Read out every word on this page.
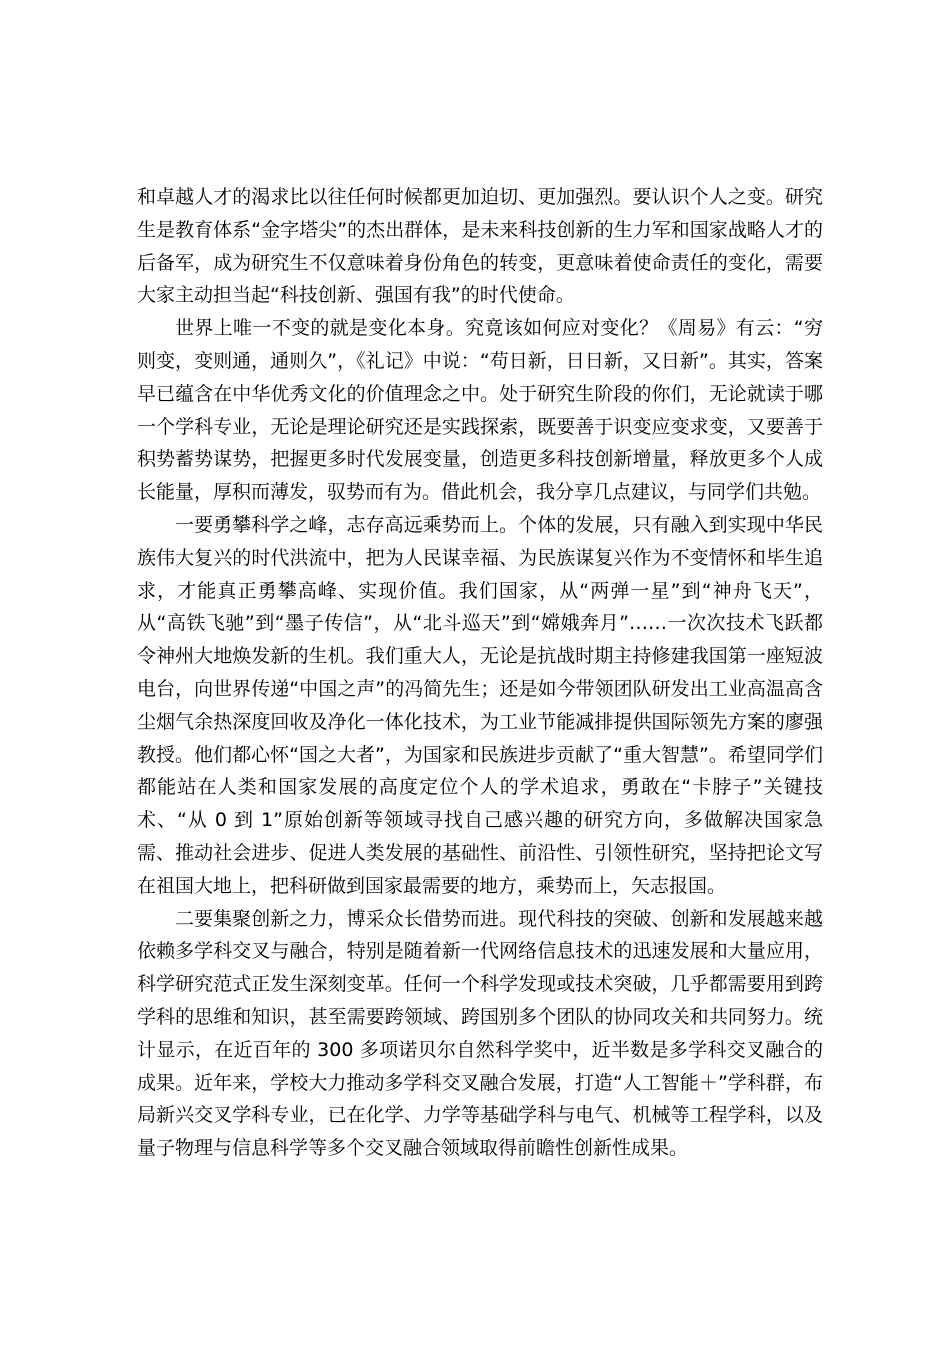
和卓越人才的渴求比以往任何时候都更加迫切、更加强烈。要认识个人之变。研究生是教育体系“金字塔尖”的杰出群体，是未来科技创新的生力军和国家战略人才的后备军，成为研究生不仅意味着身份角色的转变，更意味着使命责任的变化，需要大家主动担当起“科技创新、强国有我”的时代使命。

世界上唯一不变的就是变化本身。究竟该如何应对变化？《周易》有云：“穷则变，变则通，通则久”，《礼记》中说：“苟日新，日日新，又日新”。其实，答案早已蕴含在中华优秀文化的价值理念之中。处于研究生阶段的你们，无论就读于哪一个学科专业，无论是理论研究还是实践探索，既要善于识变应变求变，又要善于积势蓄势谋势，把握更多时代发展变量，创造更多科技创新增量，释放更多个人成长能量，厚积而薄发，驭势而有为。借此机会，我分享几点建议，与同学们共勉。

一要勇攀科学之峰，志存高远乘势而上。个体的发展，只有融入到实现中华民族伟大复兴的时代洪流中，把为人民谋幸福、为民族谋复兴作为不变情怀和毕生追求，才能真正勇攀高峰、实现价值。我们国家，从“两弹一星”到“神舟飞天”，从“高铁飞驰”到“墨子传信”，从“北斗巡天”到“嫦娥奔月”……一次次技术飞跃都令神州大地焕发新的生机。我们重大人，无论是抗战时期主持修建我国第一座短波电台，向世界传递“中国之声”的冯简先生；还是如今带领团队研发出工业高温高含尘烟气余热深度回收及净化一体化技术，为工业节能减排提供国际领先方案的廖强教授。他们都心怀“国之大者”，为国家和民族进步贡献了“重大智慧”。希望同学们都能站在人类和国家发展的高度定位个人的学术追求，勇敢在“卡脖子”关键技术、“从 0 到 1”原始创新等领域寻找自己感兴趣的研究方向，多做解决国家急需、推动社会进步、促进人类发展的基础性、前沿性、引领性研究，坚持把论文写在祖国大地上，把科研做到国家最需要的地方，乘势而上，矢志报国。

二要集聚创新之力，博采众长借势而进。现代科技的突破、创新和发展越来越依赖多学科交叉与融合，特别是随着新一代网络信息技术的迅速发展和大量应用，科学研究范式正发生深刻变革。任何一个科学发现或技术突破，几乎都需要用到跨学科的思维和知识，甚至需要跨领域、跨国别多个团队的协同攻关和共同努力。统计显示，在近百年的 300 多项诺贝尔自然科学奖中，近半数是多学科交叉融合的成果。近年来，学校大力推动多学科交叉融合发展，打造“人工智能＋”学科群，布局新兴交叉学科专业，已在化学、力学等基础学科与电气、机械等工程学科，以及量子物理与信息科学等多个交叉融合领域取得前瞻性创新性成果。
